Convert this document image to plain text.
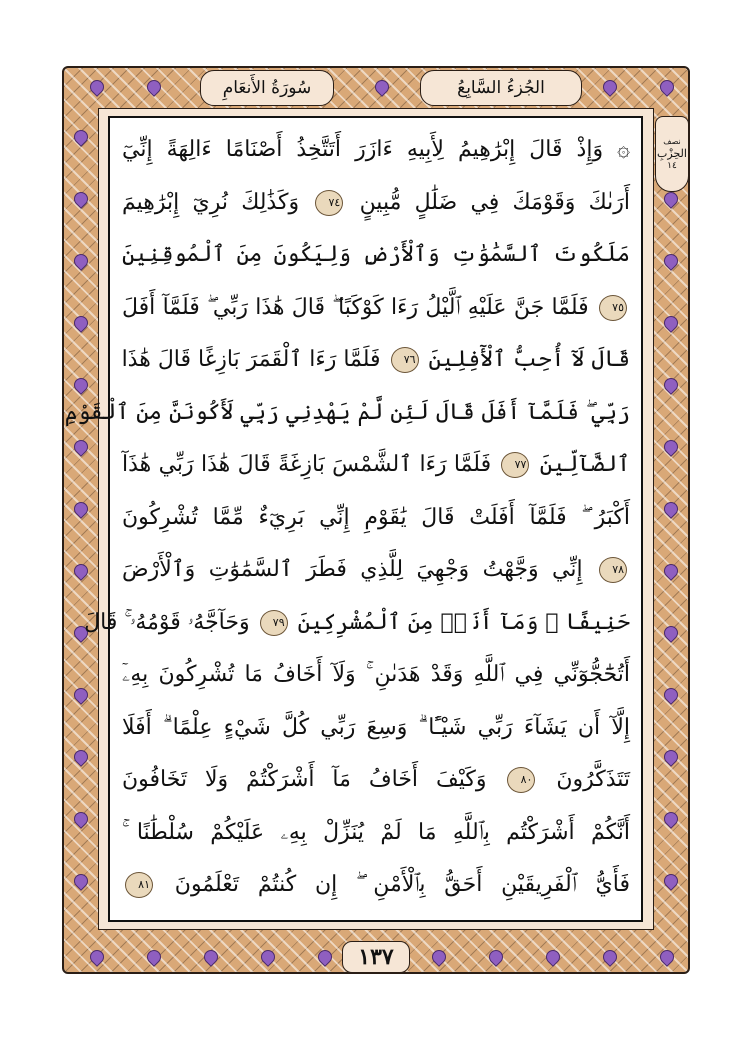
سُورَةُ الأَنعَامِ	الجُزءُ السَّابِعُ
نصف
الحِزْبِ
١٤
۞ وَإِذْ قَالَ إِبْرَٰهِيمُ لِأَبِيهِ ءَازَرَ أَتَتَّخِذُ أَصْنَامًا ءَالِهَةً إِنِّيٓ
أَرَىٰكَ وَقَوْمَكَ فِي ضَلَٰلٍ مُّبِينٍ ٧٤ وَكَذَٰلِكَ نُرِيٓ إِبْرَٰهِيمَ
مَلَكُوتَ ٱلسَّمَٰوَٰتِ وَٱلْأَرْضِ وَلِيَكُونَ مِنَ ٱلْمُوقِنِينَ
٧٥ فَلَمَّا جَنَّ عَلَيْهِ ٱلَّيْلُ رَءَا كَوْكَبًا ۖ قَالَ هَٰذَا رَبِّي ۖ فَلَمَّآ أَفَلَ
قَالَ لَآ أُحِبُّ ٱلْأٓفِلِينَ ٧٦ فَلَمَّا رَءَا ٱلْقَمَرَ بَازِغًا قَالَ هَٰذَا
رَبِّي ۖ فَلَمَّآ أَفَلَ قَالَ لَئِن لَّمْ يَهْدِنِي رَبِّي لَأَكُونَنَّ مِنَ ٱلْقَوْمِ
ٱلضَّآلِّينَ ٧٧ فَلَمَّا رَءَا ٱلشَّمْسَ بَازِغَةً قَالَ هَٰذَا رَبِّي هَٰذَآ
أَكْبَرُ ۖ فَلَمَّآ أَفَلَتْ قَالَ يَٰقَوْمِ إِنِّي بَرِيٓءٌ مِّمَّا تُشْرِكُونَ
٧٨ إِنِّي وَجَّهْتُ وَجْهِيَ لِلَّذِي فَطَرَ ٱلسَّمَٰوَٰتِ وَٱلْأَرْضَ
حَنِيفًا ۖ وَمَآ أَنَا۠ مِنَ ٱلْمُشْرِكِينَ ٧٩ وَحَآجَّهُۥ قَوْمُهُۥ ۚ قَالَ
أَتُحَٰٓجُّوٓنِّي فِي ٱللَّهِ وَقَدْ هَدَىٰنِ ۚ وَلَآ أَخَافُ مَا تُشْرِكُونَ بِهِۦٓ
إِلَّآ أَن يَشَآءَ رَبِّي شَيْـًٔا ۗ وَسِعَ رَبِّي كُلَّ شَيْءٍ عِلْمًا ۗ أَفَلَا
تَتَذَكَّرُونَ ٨٠ وَكَيْفَ أَخَافُ مَآ أَشْرَكْتُمْ وَلَا تَخَافُونَ
أَنَّكُمْ أَشْرَكْتُم بِٱللَّهِ مَا لَمْ يُنَزِّلْ بِهِۦ عَلَيْكُمْ سُلْطَٰنًا ۚ
فَأَيُّ ٱلْفَرِيقَيْنِ أَحَقُّ بِٱلْأَمْنِ ۖ إِن كُنتُمْ تَعْلَمُونَ ٨١
١٣٧
